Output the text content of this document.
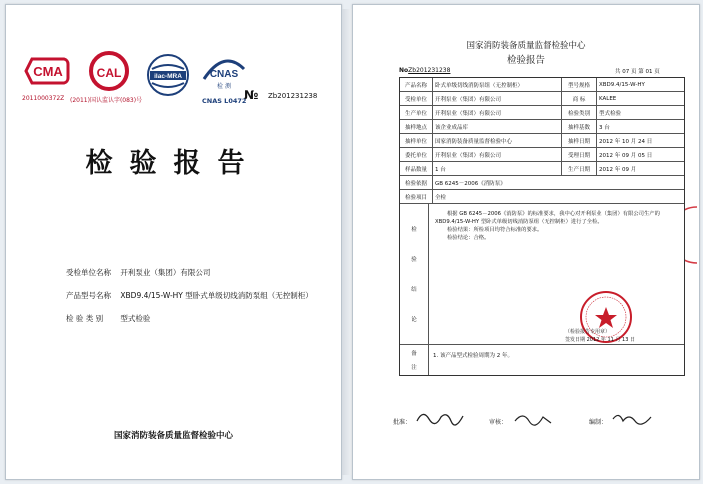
CMA
2011000372Z
CAL
(2011)国认监认字(083)号
ilac-MRA	CNAS
检 测
CNAS L0472
№ Zb201231238
检验报告
受检单位名称 开利泵业（集团）有限公司
产品型号名称 XBD9.4/15-W-HY 型卧式单级切线消防泵组（无控制柜）
检 验 类 别 型式检验
国家消防装备质量监督检验中心
国家消防装备质量监督检验中心
检验报告
NoZb201231238	共 07 页 第 01 页
产品名称	卧式单级切线消防泵组（无控制柜）	型号规格	XBD9.4/15-W-HY
受检单位	开利泵业（集团）有限公司	商 标	KALEE
生产单位	开利泵业（集团）有限公司	检验类别	型式检验
抽样地点	该企业成品库	抽样基数	3 台
抽样单位	国家消防装备质量监督检验中心	抽样日期	2012 年 10 月 24 日
委托单位	开利泵业（集团）有限公司	受理日期	2012 年 09 月 05 日
样品数量	1 台	生产日期	2012 年 09 月
检验依据	GB 6245－2006《消防泵》
检验项目	全检
检
验
结
论
根据 GB 6245－2006《消防泵》的标准要求，我中心对开利泵业（集团）有限公司生产的 XBD9.4/15-W-HY 型卧式单级切线消防泵组（无控制柜）进行了全检。
检验结果：所检项目均符合标准的要求。
检验结论：合格。
（检验报告专用章）
签发日期 2012 年 11 月 13 日
备
注
1. 该产品型式检验周期为 2 年。
批准：	审核：	编制：
